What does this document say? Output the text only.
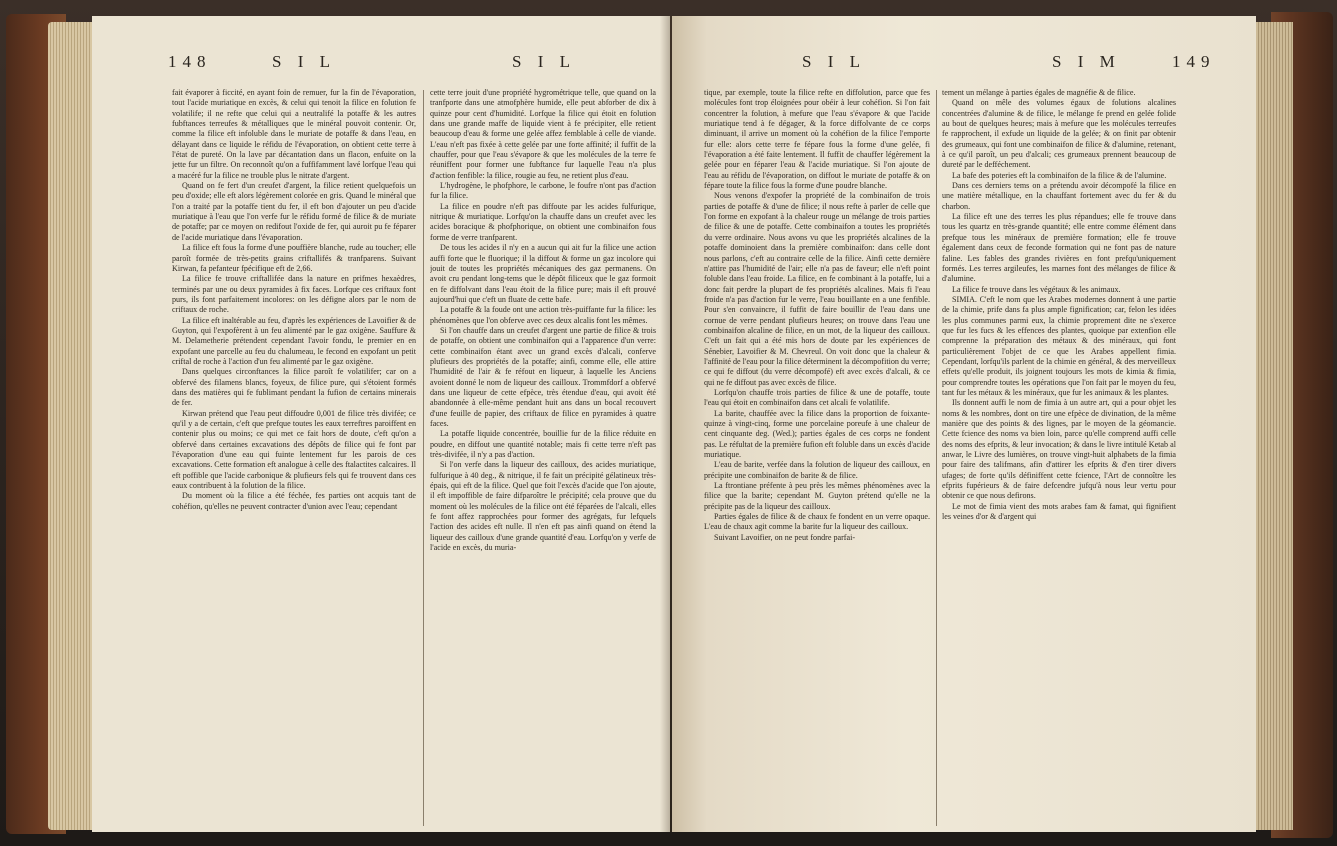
148	S I L	S I L

fait évaporer à ficcité, en ayant foin de remuer, fur la fin de l'évaporation, tout l'acide muriatique en excès, & celui qui tenoit la filice en folution fe volatilife; il ne refte que celui qui a neutralifé la potaffe & les autres fubftances terreufes & métalliques que le minéral pouvoit contenir. Or, comme la filice eft infoluble dans le muriate de potaffe & dans l'eau, en délayant dans ce liquide le réfidu de l'évaporation, on obtient cette terre à l'état de pureté. On la lave par décantation dans un flacon, enfuite on la jette fur un filtre. On reconnoît qu'on a fuffifamment lavé lorfque l'eau qui a macéré fur la filice ne trouble plus le nitrate d'argent.

Quand on fe fert d'un creufet d'argent, la filice retient quelquefois un peu d'oxide; elle eft alors légèrement colorée en gris. Quand le minéral que l'on a traité par la potaffe tient du fer, il eft bon d'ajouter un peu d'acide muriatique à l'eau que l'on verfe fur le réfidu formé de filice & de muriate de potaffe; par ce moyen on redifout l'oxide de fer, qui auroit pu fe féparer de l'acide muriatique dans l'évaporation.

La filice eft fous la forme d'une pouffière blanche, rude au toucher; elle paroît formée de très-petits grains criftallifés & tranfparens. Suivant Kirwan, fa pefanteur fpécifique eft de 2,66.

La filice fe trouve criftallifée dans la nature en prifmes hexaèdres, terminés par une ou deux pyramides à fix faces. Lorfque ces criftaux font purs, ils font parfaitement incolores: on les défigne alors par le nom de criftaux de roche.

La filice eft inaltérable au feu, d'après les expériences de Lavoifier & de Guyton, qui l'expofèrent à un feu alimenté par le gaz oxigène. Sauffure & M. Delametherie prétendent cependant l'avoir fondu, le premier en en expofant une parcelle au feu du chalumeau, le fecond en expofant un petit criftal de roche à l'action d'un feu alimenté par le gaz oxigène.

Dans quelques circonftances la filice paroît fe volatilifer; car on a obfervé des filamens blancs, foyeux, de filice pure, qui s'étoient formés dans des matières qui fe fublimant pendant la fufion de certains minerais de fer.

Kirwan prétend que l'eau peut diffoudre 0,001 de filice très divifée; ce qu'il y a de certain, c'eft que prefque toutes les eaux terreftres paroiffent en contenir plus ou moins; ce qui met ce fait hors de doute, c'eft qu'on a obfervé dans certaines excavations des dépôts de filice qui fe font par l'évaporation d'une eau qui fuinte lentement fur les parois de ces excavations. Cette formation eft analogue à celle des ftalactites calcaires. Il eft poffible que l'acide carbonique & plufieurs fels qui fe trouvent dans ces eaux contribuent à la folution de la filice.

Du moment où la filice a été féchée, fes parties ont acquis tant de cohéfion, qu'elles ne peuvent contracter d'union avec l'eau; cependant

cette terre jouit d'une propriété hygrométrique telle, que quand on la tranfporte dans une atmofphère humide, elle peut abforber de dix à quinze pour cent d'humidité. Lorfque la filice qui étoit en folution dans une grande maffe de liquide vient à fe précipiter, elle retient beaucoup d'eau & forme une gelée affez femblable à celle de viande. L'eau n'eft pas fixée à cette gelée par une forte affinité; il fuffit de la chauffer, pour que l'eau s'évapore & que les molécules de la terre fe réuniffent pour former une fubftance fur laquelle l'eau n'a plus d'action fenfible: la filice, rougie au feu, ne retient plus d'eau.

L'hydrogène, le phofphore, le carbone, le foufre n'ont pas d'action fur la filice.

La filice en poudre n'eft pas diffoute par les acides fulfurique, nitrique & muriatique. Lorfqu'on la chauffe dans un creufet avec les acides boracique & phofphorique, on obtient une combinaifon fous forme de verre tranfparent.

De tous les acides il n'y en a aucun qui ait fur la filice une action auffi forte que le fluorique; il la diffout & forme un gaz incolore qui jouit de toutes les propriétés mécaniques des gaz permanens. On avoit cru pendant long-tems que le dépôt filiceux que le gaz formoit en fe diffolvant dans l'eau étoit de la filice pure; mais il eft prouvé aujourd'hui que c'eft un fluate de cette bafe.

La potaffe & la foude ont une action très-puiffante fur la filice: les phénomènes que l'on obferve avec ces deux alcalis font les mêmes.

Si l'on chauffe dans un creufet d'argent une partie de filice & trois de potaffe, on obtient une combinaifon qui a l'apparence d'un verre: cette combinaifon étant avec un grand excès d'alcali, conferve plufieurs des propriétés de la potaffe; ainfi, comme elle, elle attire l'humidité de l'air & fe réfout en liqueur, à laquelle les Anciens avoient donné le nom de liqueur des cailloux. Trommfdorf a obfervé dans une liqueur de cette efpèce, très étendue d'eau, qui avoit été abandonnée à elle-même pendant huit ans dans un bocal recouvert d'une feuille de papier, des criftaux de filice en pyramides à quatre faces.

La potaffe liquide concentrée, bouillie fur de la filice réduite en poudre, en diffout une quantité notable; mais fi cette terre n'eft pas très-divifée, il n'y a pas d'action.

Si l'on verfe dans la liqueur des cailloux, des acides muriatique, fulfurique à 40 deg., & nitrique, il fe fait un précipité gélatineux très-épais, qui eft de la filice. Quel que foit l'excès d'acide que l'on ajoute, il eft impoffible de faire difparoître le précipité; cela prouve que du moment où les molécules de la filice ont été féparées de l'alcali, elles fe font affez rapprochées pour former des agrégats, fur lefquels l'action des acides eft nulle. Il n'en eft pas ainfi quand on étend la liqueur des cailloux d'une grande quantité d'eau. Lorfqu'on y verfe de l'acide en excès, du muria-

S I L	S I M	149

tique, par exemple, toute la filice refte en diffolution, parce que fes molécules font trop éloignées pour obéir à leur cohéfion. Si l'on fait concentrer la folution, à mefure que l'eau s'évapore & que l'acide muriatique tend à fe dégager, & la force diffolvante de ce corps diminuant, il arrive un moment où la cohéfion de la filice l'emporte fur elle: alors cette terre fe fépare fous la forme d'une gelée, fi l'évaporation a été faite lentement. Il fuffit de chauffer légèrement la gelée pour en féparer l'eau & l'acide muriatique. Si l'on ajoute de l'eau au réfidu de l'évaporation, on diffout le muriate de potaffe & on fépare toute la filice fous la forme d'une poudre blanche.

Nous venons d'expofer la propriété de la combinaifon de trois parties de potaffe & d'une de filice; il nous refte à parler de celle que l'on forme en expofant à la chaleur rouge un mélange de trois parties de filice & une de potaffe. Cette combinaifon a toutes les propriétés du verre ordinaire. Nous avons vu que les propriétés alcalines de la potaffe dominoient dans la première combinaifon: dans celle dont nous parlons, c'eft au contraire celle de la filice. Ainfi cette dernière n'attire pas l'humidité de l'air; elle n'a pas de faveur; elle n'eft point foluble dans l'eau froide. La filice, en fe combinant à la potaffe, lui a donc fait perdre la plupart de fes propriétés alcalines. Mais fi l'eau froide n'a pas d'action fur le verre, l'eau bouillante en a une fenfible. Pour s'en convaincre, il fuffit de faire bouillir de l'eau dans une cornue de verre pendant plufieurs heures; on trouve dans l'eau une combinaifon alcaline de filice, en un mot, de la liqueur des cailloux. C'eft un fait qui a été mis hors de doute par les expériences de Sénebier, Lavoifier & M. Chevreul. On voit donc que la chaleur & l'affinité de l'eau pour la filice déterminent la décompofition du verre; ce qui fe diffout (du verre décompofé) eft avec excès d'alcali, & ce qui ne fe diffout pas avec excès de filice.

Lorfqu'on chauffe trois parties de filice & une de potaffe, toute l'eau qui étoit en combinaifon dans cet alcali fe volatilife.

La barite, chauffée avec la filice dans la proportion de foixante-quinze à vingt-cinq, forme une porcelaine poreufe à une chaleur de cent cinquante deg. (Wed.); parties égales de ces corps ne fondent pas. Le réfultat de la première fufion eft foluble dans un excès d'acide muriatique.

L'eau de barite, verfée dans la folution de liqueur des cailloux, en précipite une combinaifon de barite & de filice.

La ftrontiane préfente à peu près les mêmes phénomènes avec la filice que la barite; cependant M. Guyton prétend qu'elle ne la précipite pas de la liqueur des cailloux.

Parties égales de filice & de chaux fe fondent en un verre opaque. L'eau de chaux agit comme la barite fur la liqueur des cailloux.

Suivant Lavoifier, on ne peut fondre parfai-

tement un mélange à parties égales de magnéfie & de filice.

Quand on mêle des volumes égaux de folutions alcalines concentrées d'alumine & de filice, le mélange fe prend en gelée folide au bout de quelques heures; mais à mefure que les molécules terreufes fe rapprochent, il exfude un liquide de la gelée; & on finit par obtenir des grumeaux, qui font une combinaifon de filice & d'alumine, retenant, à ce qu'il paroît, un peu d'alcali; ces grumeaux prennent beaucoup de dureté par le defféchement.

La bafe des poteries eft la combinaifon de la filice & de l'alumine.

Dans ces derniers tems on a prétendu avoir décompofé la filice en une matière métallique, en la chauffant fortement avec du fer & du charbon.

La filice eft une des terres les plus répandues; elle fe trouve dans tous les quartz en très-grande quantité; elle entre comme élément dans prefque tous les minéraux de première formation; elle fe trouve également dans ceux de feconde formation qui ne font pas de nature faline. Les fables des grandes rivières en font prefqu'uniquement formés. Les terres argileufes, les marnes font des mélanges de filice & d'alumine.

La filice fe trouve dans les végétaux & les animaux.

SIMIA. C'eft le nom que les Arabes modernes donnent à une partie de la chimie, prife dans fa plus ample fignification; car, felon les idées les plus communes parmi eux, la chimie proprement dite ne s'exerce que fur les fucs & les effences des plantes, quoique par extenfion elle comprenne la préparation des métaux & des minéraux, qui font particulièrement l'objet de ce que les Arabes appellent fimia. Cependant, lorfqu'ils parlent de la chimie en général, & des merveilleux effets qu'elle produit, ils joignent toujours les mots de kimia & fimia, pour comprendre toutes les opérations que l'on fait par le moyen du feu, tant fur les métaux & les minéraux, que fur les animaux & les plantes.

Ils donnent auffi le nom de fimia à un autre art, qui a pour objet les noms & les nombres, dont on tire une efpèce de divination, de la même manière que des points & des lignes, par le moyen de la géomancie. Cette fcience des noms va bien loin, parce qu'elle comprend auffi celle des noms des efprits, & leur invocation; & dans le livre intitulé Ketab al anwar, le Livre des lumières, on trouve vingt-huit alphabets de la fimia pour faire des talifmans, afin d'attirer les efprits & d'en tirer divers ufages; de forte qu'ils définiffent cette fcience, l'Art de connoître les efprits fupérieurs & de faire defcendre jufqu'à nous leur vertu pour obtenir ce que nous defirons.

Le mot de fimia vient des mots arabes fam & famat, qui fignifient les veines d'or & d'argent qui
